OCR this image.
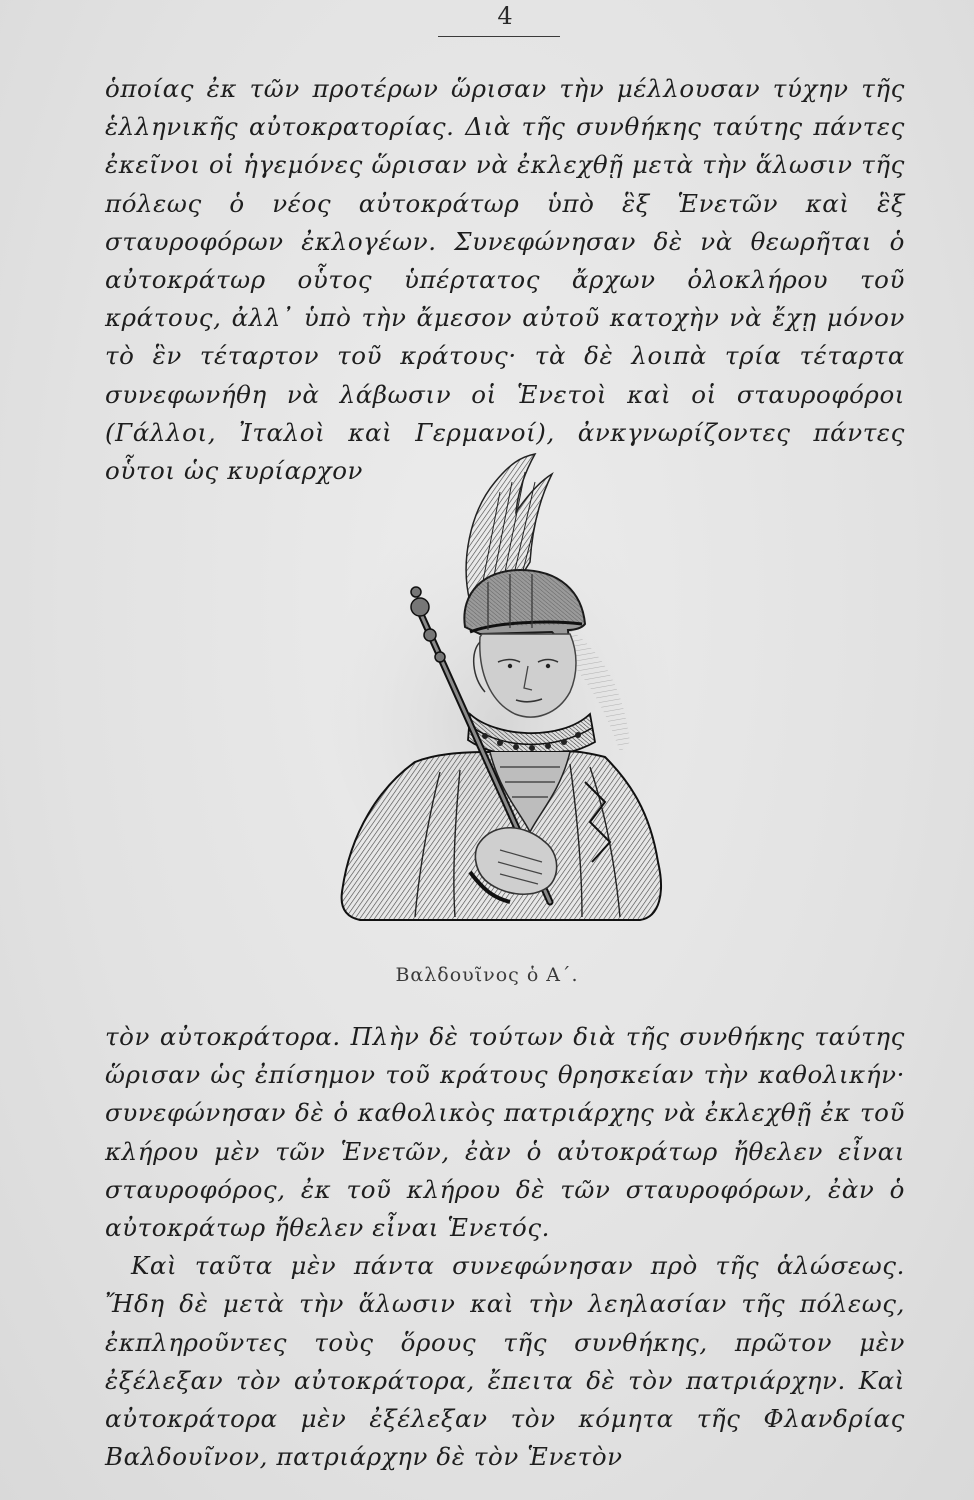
4

ὁποίας ἐκ τῶν προτέρων ὥρισαν τὴν μέλλουσαν τύχην τῆς ἑλληνικῆς αὐτοκρατορίας. Διὰ τῆς συνθήκης ταύτης πάντες ἐκεῖνοι οἱ ἡγεμόνες ὥρισαν νὰ ἐκλεχθῇ μετὰ τὴν ἅλωσιν τῆς πόλεως ὁ νέος αὐτοκράτωρ ὑπὸ ἓξ Ἑνετῶν καὶ ἓξ σταυροφόρων ἐκλογέων. Συνεφώνησαν δὲ νὰ θεωρῆται ὁ αὐτοκράτωρ οὗτος ὑπέρτατος ἄρχων ὁλοκλήρου τοῦ κράτους, ἀλλ᾽ ὑπὸ τὴν ἄμεσον αὐτοῦ κατοχὴν νὰ ἔχῃ μόνον τὸ ἓν τέταρτον τοῦ κράτους· τὰ δὲ λοιπὰ τρία τέταρτα συνεφωνήθη νὰ λάβωσιν οἱ Ἑνετοὶ καὶ οἱ σταυροφόροι (Γάλλοι, Ἰταλοὶ καὶ Γερμανοί), ἀνκγνωρίζοντες πάντες οὗτοι ὡς κυρίαρχον

Βαλδουῖνος ὁ Α΄.

τὸν αὐτοκράτορα. Πλὴν δὲ τούτων διὰ τῆς συνθήκης ταύτης ὥρισαν ὡς ἐπίσημον τοῦ κράτους θρησκείαν τὴν καθολικήν· συνεφώνησαν δὲ ὁ καθολικὸς πατριάρχης νὰ ἐκλεχθῇ ἐκ τοῦ κλήρου μὲν τῶν Ἑνετῶν, ἐὰν ὁ αὐτοκράτωρ ἤθελεν εἶναι σταυροφόρος, ἐκ τοῦ κλήρου δὲ τῶν σταυροφόρων, ἐὰν ὁ αὐτοκράτωρ ἤθελεν εἶναι Ἑνετός.

Καὶ ταῦτα μὲν πάντα συνεφώνησαν πρὸ τῆς ἁλώσεως. Ἤδη δὲ μετὰ τὴν ἅλωσιν καὶ τὴν λεηλασίαν τῆς πόλεως, ἐκπληροῦντες τοὺς ὅρους τῆς συνθήκης, πρῶτον μὲν ἐξέλεξαν τὸν αὐτοκράτορα, ἔπειτα δὲ τὸν πατριάρχην. Καὶ αὐτοκράτορα μὲν ἐξέλεξαν τὸν κόμητα τῆς Φλανδρίας Βαλδουῖνον, πατριάρχην δὲ τὸν Ἑνετὸν
